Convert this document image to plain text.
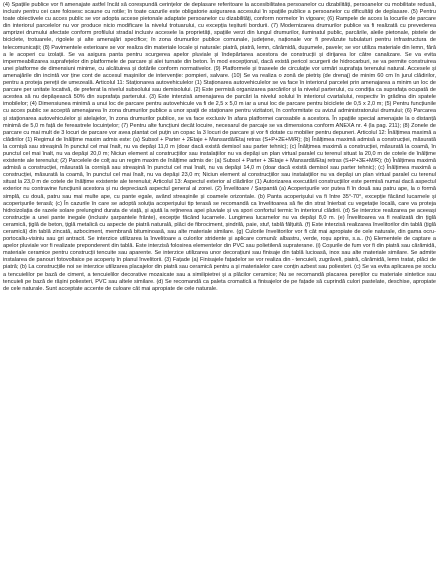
(4) Spațiile publice vor fi amenajate astfel încât să corespundă cerințelor de deplasare referitoare la accesibilitatea persoanelor cu dizabilități, persoanelor cu mobilitate redusă, inclusiv pentru cei care folosesc scaune cu rotile; în toate cazurile este obligatorie asigurarea accesului în spațiile publice a persoanelor cu dificultăți de deplasare. (5) Pentru toate obiectivele cu acces public se vor adopta accese pietonale adaptate persoanelor cu dizabilități, conform normelor în vigoare; (6) Rampele de acces la locurile de parcare din interiorul parcelelor nu vor produce nicio modificare la nivelul trotuarului, cu excepția teșiturii bordurii. (7) Modernizarea drumurilor publice va fi realizată cu prevederea amprizei drumului afectate conform profilului stradal inclusiv accesele la proprietăți, spațiile verzi din lungul drumurilor, iluminatul public, parcările, aleile pietonale, pistele de biciclete, trotuarele, rigolele și alte amenajări specifice; în zona drumurilor publice comunale, județene, naționale vor fi prevăzute tubulaturi pentru infrastructura de telecomunicații; (8) Pavimentele exterioare se vor realiza din materiale locale și naturale: piatră, piatră, lemn, cărămidă, dușumele, pavele; se vor utiliza materiale din lemn, fără a le acoperi cu izolații. Se va asigura panta pentru scurgerea apelor pluviale și îndepărtarea acestora de construcții și dirijarea lor către canalizare. Se va evita impermeabilizarea suprafețelor din platformele de parcare și alei turnate din beton. În mod excepțional, dacă există pericol scurgerii de hidrocarburi, se va permite construirea unei platforme de dimensiuni minime, cu alcătuirea și dotările conform normativelor. (9) Platformele și traseele de circulație vor urmări suprafața terenului natural. Accesele și amenajările din incintă vor ține cont de accesul mașinilor de intervenție: pompieri, salvare. (10) Se va realiza o zonă de pietriș (de drenaj) de minim 60 cm în jurul clădirilor, pentru a proteja pereții de umezeală. Articolul 11: Staționarea autovehiculelor (1) Staționarea autovehiculelor se va face în interiorul parcelei prin amenajarea a minim un loc de parcare per unitate locativă, de preferat la nivelul subsolului sau demisolului. (2) Este permisă organizarea parcărilor și la nivelul parterului, cu condiția ca suprafața ocupată de acestea să nu depășească 50% din suprafața parterului. (3) Este interzisă amenajarea de parcări la nivelul solului în interiorul cvartalului, respectiv în grădina din spatele imobilelor; (4) Dimensiunea minimă a unui loc de parcare pentru autovehicule va fi de 2,5 x 5,0 m iar a unui loc de parcare pentru biciclete de 0,5 x 2,0 m; (5) Pentru funcțiunile cu acces public se acceptă amenajarea în zona drumurilor publice a unor spații de staționare pentru vizitatori, în conformitate cu avizul administratorului drumului; (6) Parcarea și staționarea autovehiculelor și atelajelor, în zona drumurilor publice, se va face exclusiv în afara platformei carosabile a acestora. În spațiile special amenajate la o distanță minimă de 5,0 m față de fereastrele locuințelor; (7) Pentru alte funcțiuni decât locuire, necesarul de parcaje se va dimensiona conform ANEXA nr. 4 (la pag. 211); (8) Zonele de parcare cu mai mult de 3 locuri de parcare vor avea plantat cel puțin un copac la 3 locuri de parcare și vor fi dotate cu mobilier pentru depuneri. Articolul 12: Înălțimea maximă a clădirilor (1) Regimul de înălțime maxim admis este: (a) Subsol + Parter + 2Etaje + Mansardă/Etaj retras (S+P+2E+M/R); (b) Înălțimea maximă admisă a construcției, măsurată la cornișă sau streașină în punctul cel mai înalt, nu va depăși 11,0 m (doar dacă există demisol sau parter tehnic); (c) Înălțimea maximă a construcției, măsurată la coamă, în punctul cel mai înalt, nu va depăși 20,0 m; Niciun element al construcțiilor sau instalațiilor nu va depăși un plan virtual paralel cu terenul situat la 20,0 m de cotele de înălțime existente ale terenului; (2) Parcelele de colț au un regim maxim de înălțime admis de: (a) Subsol + Parter + 3Etaje + Mansardă/Etaj retras (S+P+3E+M/R); (b) Înălțimea maximă admisă a construcției, măsurată la cornișă sau streașină în punctul cel mai înalt, nu va depăși 14,0 m (doar dacă există demisol sau parter tehnic); (c) Înălțimea maximă a construcției, măsurată la coamă, în punctul cel mai înalt, nu va depăși 23,0 m; Niciun element al construcțiilor sau instalațiilor nu va depăși un plan virtual paralel cu terenul situat la 23,0 m de cotele de înălțime existente ale terenului; Articolul 13: Aspectul exterior al clădirilor (1) Autorizarea executării construcțiilor este permisă numai dacă aspectul exterior nu contravine funcțiunii acestora și nu depreciază aspectul general al zonei. (2) Învelitoare / Șarpantă (a) Acoperișurile vor putea fi în două sau patru ape, la o formă simplă, cu două, patru sau mai multe ape, cu pante egale, având streașinile și coamele orizontale. (b) Panta acoperișului va fi între 35°-70°, excepție făcând lucarnele și acoperișurile terasă; (c) În cazurile în care se adoptă soluția acoperișului tip terasă se recomandă ca învelitoarea să fie din strat înierbat cu vegetație locală, care va proteja hidroizolația de razele solare prelungind durata de viață, și ajută la reținerea apei pluviale și va spori confortul termic în interiorul clădirii. (d) Se interzice realizarea pe aceeași construcție a unei pante inegale (inclusiv șarpantele frânte), excepție făcând lucarnele. Lungimea lucarnelor nu va depăși 8,0 m. (e) Învelitoarea va fi realizată din țiglă ceramică, țiglă de beton, țiglă metalică cu aspecte de piatră naturală, plăci de fibrociment, șindrilă, paie, stuf, tablă fălțuită. (f) Este interzisă realizarea învelitorilor din tablă (țiglă ceramică) din tablă zincată, azbociment, membrană bituminoasă, sau alte materiale similare. (g) Culorile învelitorilor vor fi cât mai apropiate de cele naturale, din gama ocru-portocaliu-visiniu sau gri antracit. Se interzice utilizarea la învelitoare a culorilor stridente și aplicare comună: albastru, verde, roșu aprins, s.a.. (h) Elementele de captare a apelor pluviale vor fi realizate preponderent din tablă. Este interzisă folosirea elementelor din PVC sau polietilenă supraterane. (i) Coșurile de fum vor fi din piatră sau cărămidă, materiale ceramice pentru construcții tencuite sau aparente. Se interzice utilizarea unor decorațiuni sau finisaje din tablă lucioasă, inox sau alte materiale similare. Se admite instalarea de panouri fotovoltaice pe acoperiș în planul învelitorii. (3) Fațade (a) Finisajele fațadelor se vor realiza din - tencuieli, zugrăveli, piatră, cărămidă, lemn tratat, plăci de piatră; (b) La construcțiile noi se interzice utilizarea placajelor din piatră sau ceramică pentru a și materialelor care conțin azbest sau poliesteri. (c) Se va evita aplicarea pe soclu a tencuielilor pe bază de ciment, a tencuielilor decorative mozaicate sau a similipietrei și a plăcilor ceramice; Nu se recomandă placarea pereților cu materiale sintetice sau tencuieli pe bază de rășini poliesteri, PVC sau altele similare. (d) Se recomandă ca paleta cromatică a finisajelor de pe fațade să cuprindă culori pastelate, deschise, apropiate de cele naturale. Sunt acceptate accente de culoare cât mai apropiate de cele naturale.
